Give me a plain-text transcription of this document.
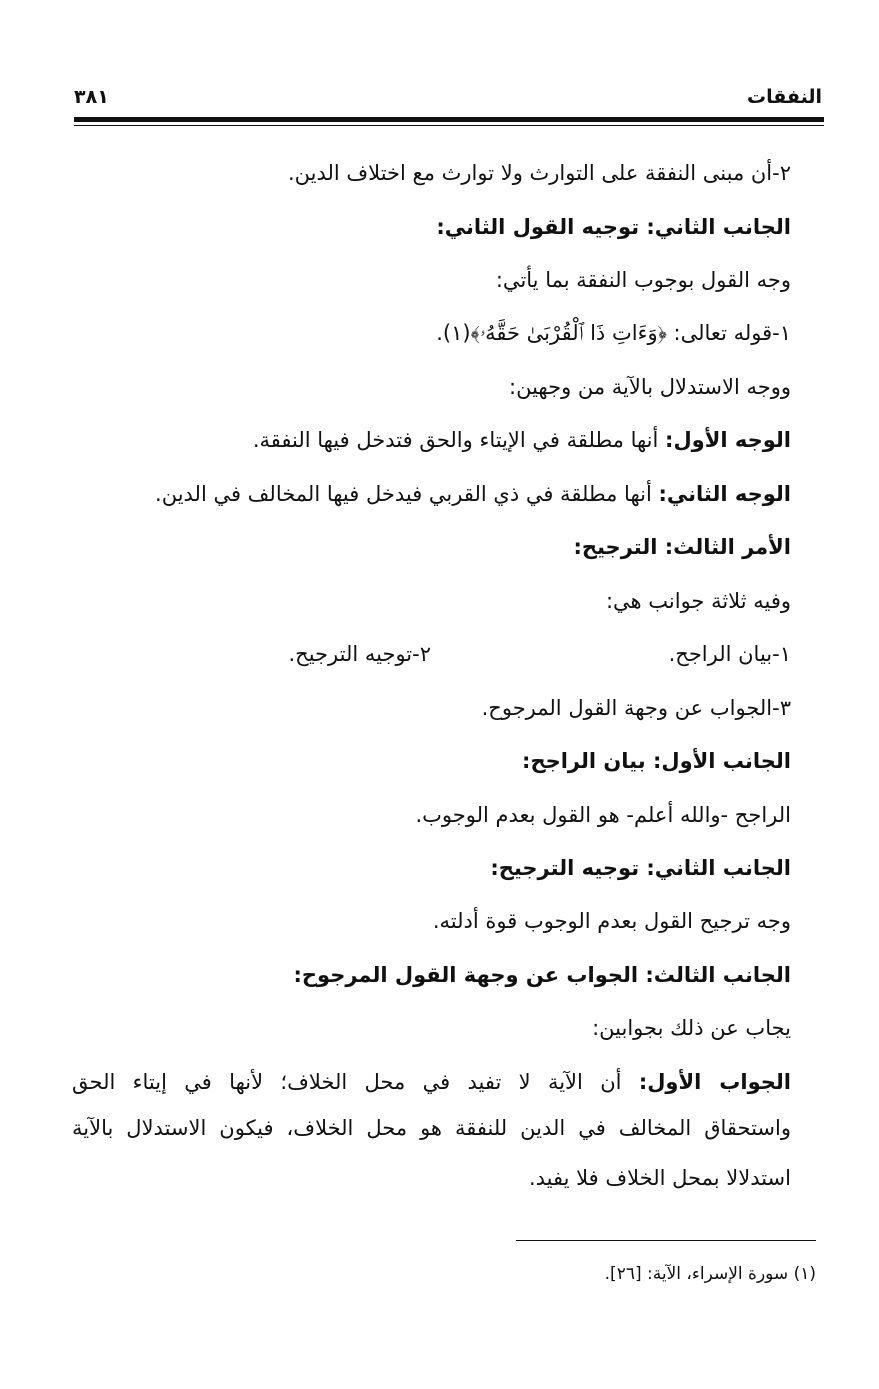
النفقات
٣٨١
٢-أن مبنى النفقة على التوارث ولا توارث مع اختلاف الدين.
الجانب الثاني: توجيه القول الثاني:
وجه القول بوجوب النفقة بما يأتي:
١-قوله تعالى: ﴿وَءَاتِ ذَا ٱلْقُرْبَىٰ حَقَّهُۥ﴾(١).
ووجه الاستدلال بالآية من وجهين:
الوجه الأول: أنها مطلقة في الإيتاء والحق فتدخل فيها النفقة.
الوجه الثاني: أنها مطلقة في ذي القربي فيدخل فيها المخالف في الدين.
الأمر الثالث: الترجيح:
وفيه ثلاثة جوانب هي:
١-بيان الراجح.
٢-توجيه الترجيح.
٣-الجواب عن وجهة القول المرجوح.
الجانب الأول: بيان الراجح:
الراجح -والله أعلم- هو القول بعدم الوجوب.
الجانب الثاني: توجيه الترجيح:
وجه ترجيح القول بعدم الوجوب قوة أدلته.
الجانب الثالث: الجواب عن وجهة القول المرجوح:
يجاب عن ذلك بجوابين:
الجواب الأول: أن الآية لا تفيد في محل الخلاف؛ لأنها في إيتاء الحق
واستحقاق المخالف في الدين للنفقة هو محل الخلاف، فيكون الاستدلال بالآية
استدلالا بمحل الخلاف فلا يفيد.
(١) سورة الإسراء، الآية: [٢٦].
